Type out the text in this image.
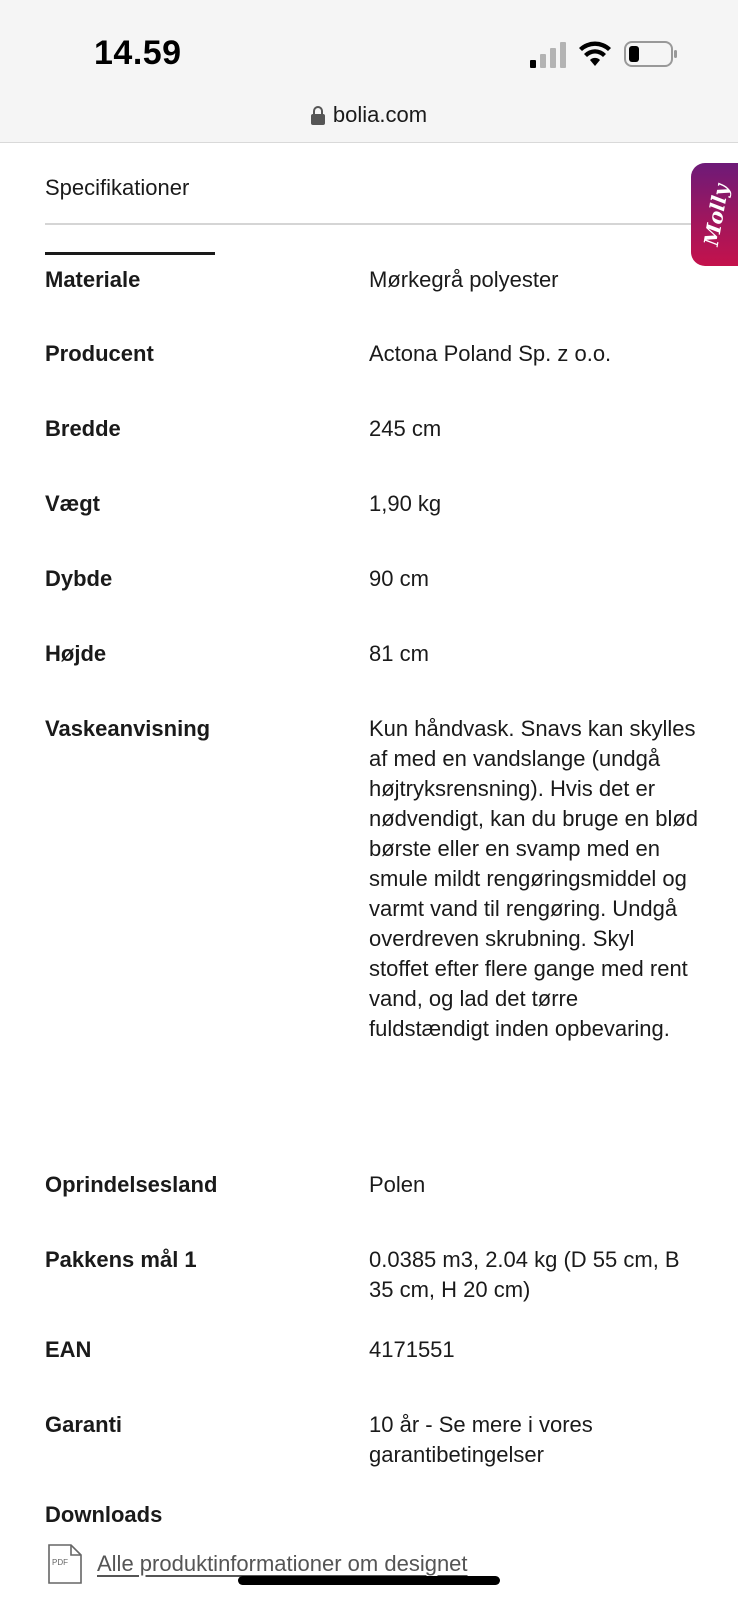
14.59
bolia.com
Specifikationer	Molly
Materiale	Mørkegrå polyester
Producent	Actona Poland Sp. z o.o.
Bredde	245 cm
Vægt	1,90 kg
Dybde	90 cm
Højde	81 cm
Vaskeanvisning	Kun håndvask. Snavs kan skylles af med en vandslange (undgå højtryksrensning). Hvis det er nødvendigt, kan du bruge en blød børste eller en svamp med en smule mildt rengøringsmiddel og varmt vand til rengøring. Undgå overdreven skrubning. Skyl stoffet efter flere gange med rent vand, og lad det tørre fuldstændigt inden opbevaring.
Oprindelsesland	Polen
Pakkens mål 1	0.0385 m3, 2.04 kg (D 55 cm, B 35 cm, H 20 cm)
EAN	4171551
Garanti	10 år - Se mere i vores garantibetingelser
Downloads
PDF Alle produktinformationer om designet
